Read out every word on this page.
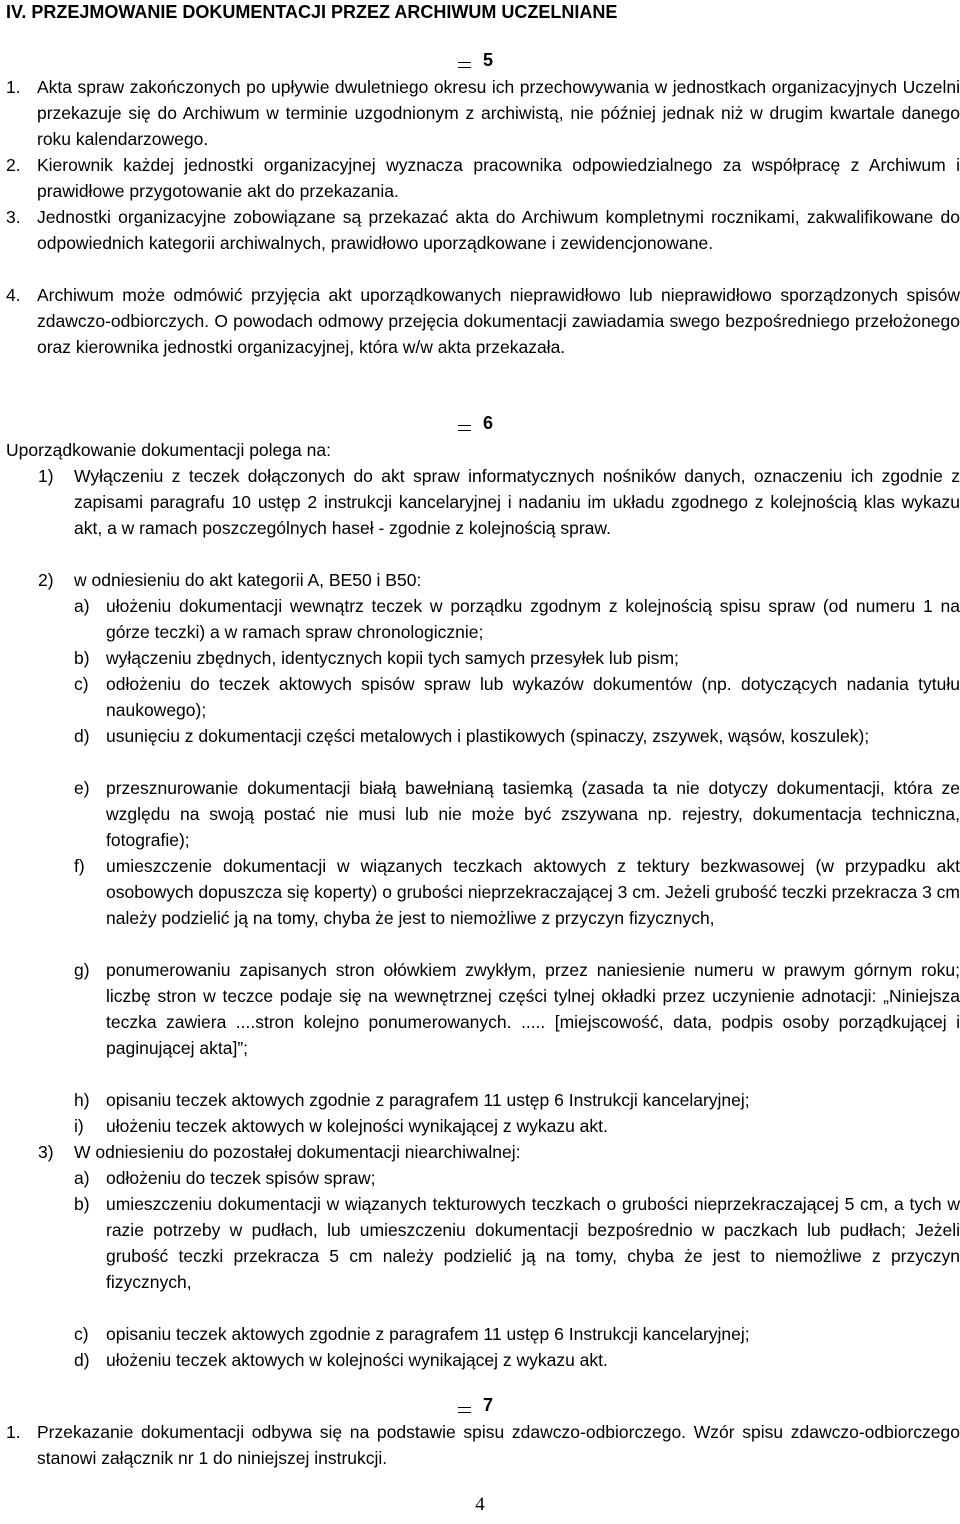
IV. PRZEJMOWANIE DOKUMENTACJI PRZEZ ARCHIWUM UCZELNIANE
5
1. Akta spraw zakończonych po upływie dwuletniego okresu ich przechowywania w jednostkach organizacyjnych Uczelni przekazuje się do Archiwum w terminie uzgodnionym z archiwistą, nie później jednak niż w drugim kwartale danego roku kalendarzowego.
2. Kierownik każdej jednostki organizacyjnej wyznacza pracownika odpowiedzialnego za współpracę z Archiwum i prawidłowe przygotowanie akt do przekazania.
3. Jednostki organizacyjne zobowiązane są przekazać akta do Archiwum kompletnymi rocznikami, zakwalifikowane do odpowiednich kategorii archiwalnych, prawidłowo uporządkowane i zewidencjonowane.
4. Archiwum może odmówić przyjęcia akt uporządkowanych nieprawidłowo lub nieprawidłowo sporządzonych spisów zdawczo-odbiorczych. O powodach odmowy przejęcia dokumentacji zawiadamia swego bezpośredniego przełożonego oraz kierownika jednostki organizacyjnej, która w/w akta przekazała.
6
Uporządkowanie dokumentacji polega na:
1)	Wyłączeniu z teczek dołączonych do akt spraw informatycznych nośników danych, oznaczeniu ich zgodnie z zapisami paragrafu 10 ustęp 2 instrukcji kancelaryjnej i nadaniu im układu zgodnego z kolejnością klas wykazu akt, a w ramach poszczególnych haseł - zgodnie z kolejnością spraw.
2)	w odniesieniu do akt kategorii A, BE50 i B50:
a) ułożeniu dokumentacji wewnątrz teczek w porządku zgodnym z kolejnością spisu spraw (od numeru 1 na górze teczki) a w ramach spraw chronologicznie;
b) wyłączeniu zbędnych, identycznych kopii tych samych przesyłek lub pism;
c) odłożeniu do teczek aktowych spisów spraw lub wykazów dokumentów (np. dotyczących nadania tytułu naukowego);
d) usunięciu z dokumentacji części metalowych i plastikowych (spinaczy, zszywek, wąsów, koszulek);
e) przesznurowanie dokumentacji białą bawełnianą tasiemką (zasada ta nie dotyczy dokumentacji, która ze względu na swoją postać nie musi lub nie może być zszywana np. rejestry, dokumentacja techniczna, fotografie);
f)	umieszczenie dokumentacji w wiązanych teczkach aktowych z tektury bezkwasowej (w przypadku akt osobowych dopuszcza się koperty) o grubości nieprzekraczającej 3 cm. Jeżeli grubość teczki przekracza 3 cm należy podzielić ją na tomy, chyba że jest to niemożliwe z przyczyn fizycznych,
g) ponumerowaniu zapisanych stron ołówkiem zwykłym, przez naniesienie numeru w prawym górnym roku; liczbę stron w teczce podaje się na wewnętrznej części tylnej okładki przez uczynienie adnotacji: „Niniejsza teczka zawiera ....stron kolejno ponumerowanych. ..... [miejscowość, data, podpis osoby porządkującej i paginującej akta]”;
h) opisaniu teczek aktowych zgodnie z paragrafem 11 ustęp 6 Instrukcji kancelaryjnej;
i)	ułożeniu teczek aktowych w kolejności wynikającej z wykazu akt.
3)	W odniesieniu do pozostałej dokumentacji niearchiwalnej:
a) odłożeniu do teczek spisów spraw;
b) umieszczeniu dokumentacji w wiązanych tekturowych teczkach o grubości nieprzekraczającej 5 cm, a tych w razie potrzeby w pudłach, lub umieszczeniu dokumentacji bezpośrednio w paczkach lub pudłach; Jeżeli grubość teczki przekracza 5 cm należy podzielić ją na tomy, chyba że jest to niemożliwe z przyczyn fizycznych,
c) opisaniu teczek aktowych zgodnie z paragrafem 11 ustęp 6 Instrukcji kancelaryjnej;
d) ułożeniu teczek aktowych w kolejności wynikającej z wykazu akt.
7
1. Przekazanie dokumentacji odbywa się na podstawie spisu zdawczo-odbiorczego. Wzór spisu zdawczo-odbiorczego stanowi załącznik nr 1 do niniejszej instrukcji.
4
